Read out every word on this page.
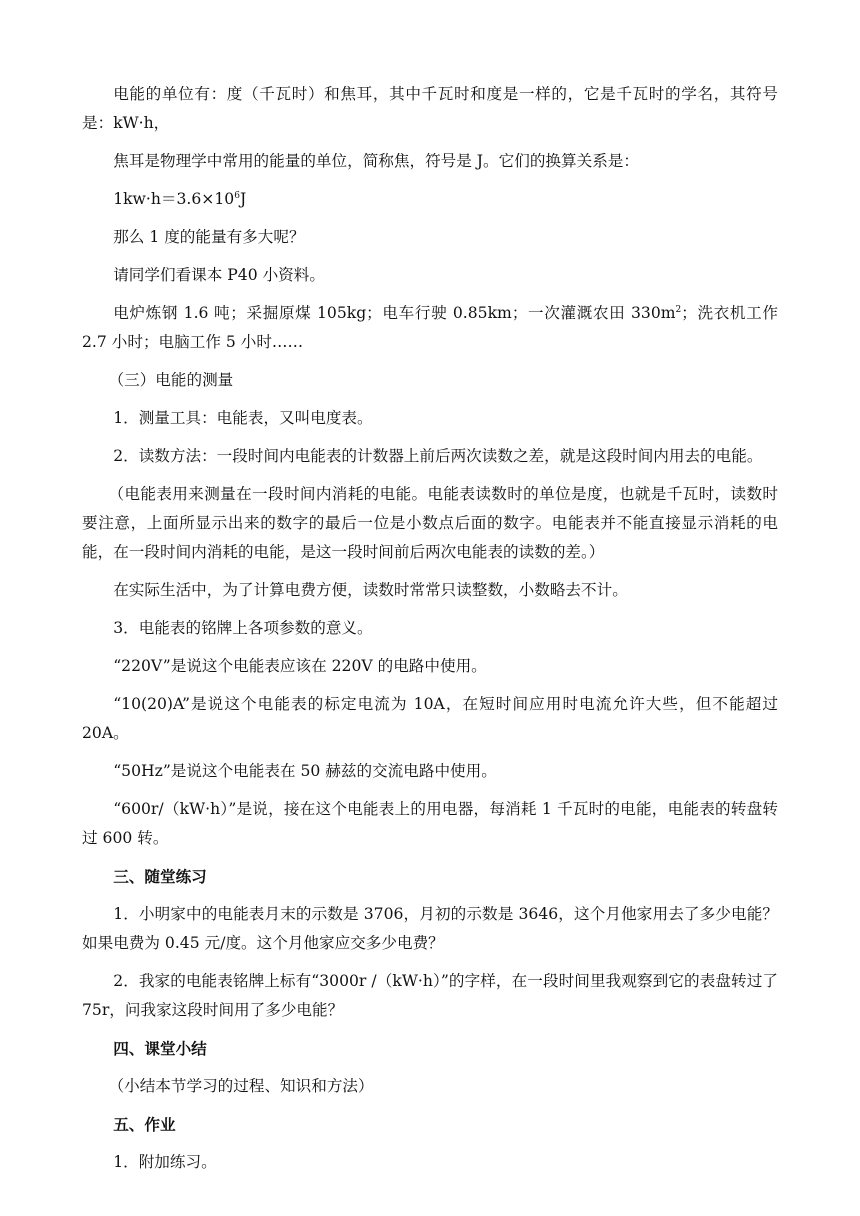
电能的单位有：度（千瓦时）和焦耳，其中千瓦时和度是一样的，它是千瓦时的学名，其符号是：kW·h，

焦耳是物理学中常用的能量的单位，简称焦，符号是 J。它们的换算关系是：

$1kw\cdot h=3.6\times 10^6J$

那么 1 度的能量有多大呢？

请同学们看课本 P40 小资料。

电炉炼钢 1.6 吨；采掘原煤 105kg；电车行驶 0.85km；一次灌溉农田 $330m^2$；洗衣机工作 2.7 小时；电脑工作 5 小时……

（三）电能的测量

1．测量工具：电能表，又叫电度表。

2．读数方法：一段时间内电能表的计数器上前后两次读数之差，就是这段时间内用去的电能。

（电能表用来测量在一段时间内消耗的电能。电能表读数时的单位是度，也就是千瓦时，读数时要注意，上面所显示出来的数字的最后一位是小数点后面的数字。电能表并不能直接显示消耗的电能，在一段时间内消耗的电能，是这一段时间前后两次电能表的读数的差。）

在实际生活中，为了计算电费方便，读数时常常只读整数，小数略去不计。

3．电能表的铭牌上各项参数的意义。

“220V”是说这个电能表应该在 220V 的电路中使用。

“10(20)A”是说这个电能表的标定电流为 10A，在短时间应用时电流允许大些，但不能超过 20A。

“50Hz”是说这个电能表在 50 赫兹的交流电路中使用。

“600r/（kW·h）”是说，接在这个电能表上的用电器，每消耗 1 千瓦时的电能，电能表的转盘转过 600 转。

三、随堂练习

1．小明家中的电能表月末的示数是 3706，月初的示数是 3646，这个月他家用去了多少电能？如果电费为 0.45 元/度。这个月他家应交多少电费？

2．我家的电能表铭牌上标有“3000r /（kW·h）”的字样，在一段时间里我观察到它的表盘转过了 75r，问我家这段时间用了多少电能？

四、课堂小结

（小结本节学习的过程、知识和方法）

五、作业

1．附加练习。
